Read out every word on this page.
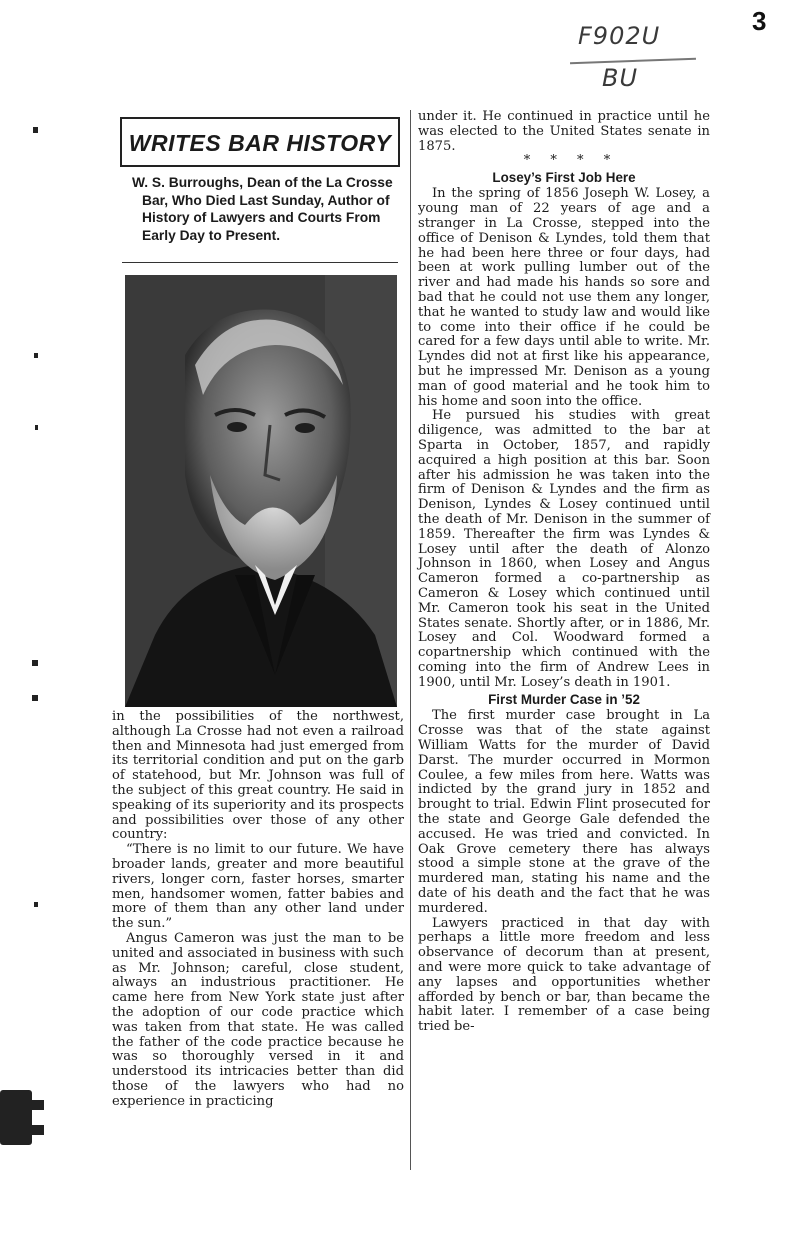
3
F902U
BU
WRITES BAR HISTORY
W. S. Burroughs, Dean of the La Crosse Bar, Who Died Last Sunday, Author of History of Lawyers and Courts From Early Day to Present.

in the possibilities of the northwest, although La Crosse had not even a railroad then and Minnesota had just emerged from its territorial condition and put on the garb of statehood, but Mr. Johnson was full of the subject of this great country. He said in speaking of its superiority and its prospects and possibilities over those of any other country:

“There is no limit to our future. We have broader lands, greater and more beautiful rivers, longer corn, faster horses, smarter men, handsomer women, fatter babies and more of them than any other land under the sun.”

Angus Cameron was just the man to be united and associated in business with such as Mr. Johnson; careful, close student, always an industrious practitioner. He came here from New York state just after the adoption of our code practice which was taken from that state. He was called the father of the code practice because he was so thoroughly versed in it and understood its intricacies better than did those of the lawyers who had no experience in practicing

under it. He continued in practice until he was elected to the United States senate in 1875.

* * * *

Losey’s First Job Here

In the spring of 1856 Joseph W. Losey, a young man of 22 years of age and a stranger in La Crosse, stepped into the office of Denison & Lyndes, told them that he had been here three or four days, had been at work pulling lumber out of the river and had made his hands so sore and bad that he could not use them any longer, that he wanted to study law and would like to come into their office if he could be cared for a few days until able to write. Mr. Lyndes did not at first like his appearance, but he impressed Mr. Denison as a young man of good material and he took him to his home and soon into the office.

He pursued his studies with great diligence, was admitted to the bar at Sparta in October, 1857, and rapidly acquired a high position at this bar. Soon after his admission he was taken into the firm of Denison & Lyndes and the firm as Denison, Lyndes & Losey continued until the death of Mr. Denison in the summer of 1859. Thereafter the firm was Lyndes & Losey until after the death of Alonzo Johnson in 1860, when Losey and Angus Cameron formed a co-partnership as Cameron & Losey which continued until Mr. Cameron took his seat in the United States senate. Shortly after, or in 1886, Mr. Losey and Col. Woodward formed a copartnership which continued with the coming into the firm of Andrew Lees in 1900, until Mr. Losey’s death in 1901.

First Murder Case in ’52

The first murder case brought in La Crosse was that of the state against William Watts for the murder of David Darst. The murder occurred in Mormon Coulee, a few miles from here. Watts was indicted by the grand jury in 1852 and brought to trial. Edwin Flint prosecuted for the state and George Gale defended the accused. He was tried and convicted. In Oak Grove cemetery there has always stood a simple stone at the grave of the murdered man, stating his name and the date of his death and the fact that he was murdered.

Lawyers practiced in that day with perhaps a little more freedom and less observance of decorum than at present, and were more quick to take advantage of any lapses and opportunities whether afforded by bench or bar, than became the habit later. I remember of a case being tried be-
